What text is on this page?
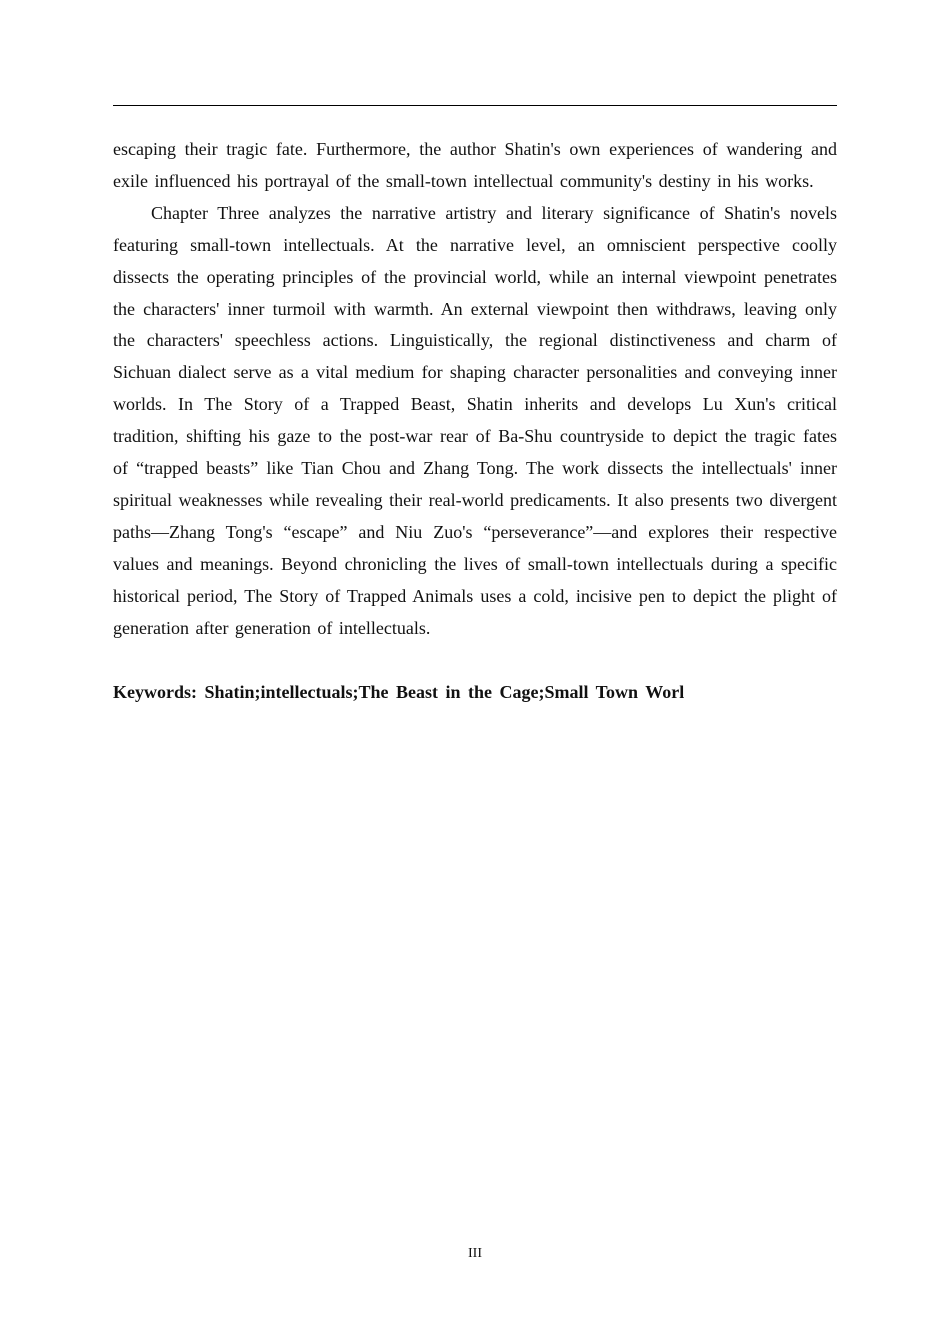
escaping their tragic fate. Furthermore, the author Shatin's own experiences of wandering and exile influenced his portrayal of the small-town intellectual community's destiny in his works.

Chapter Three analyzes the narrative artistry and literary significance of Shatin's novels featuring small-town intellectuals. At the narrative level, an omniscient perspective coolly dissects the operating principles of the provincial world, while an internal viewpoint penetrates the characters' inner turmoil with warmth. An external viewpoint then withdraws, leaving only the characters' speechless actions. Linguistically, the regional distinctiveness and charm of Sichuan dialect serve as a vital medium for shaping character personalities and conveying inner worlds. In The Story of a Trapped Beast, Shatin inherits and develops Lu Xun's critical tradition, shifting his gaze to the post-war rear of Ba-Shu countryside to depict the tragic fates of “trapped beasts” like Tian Chou and Zhang Tong. The work dissects the intellectuals' inner spiritual weaknesses while revealing their real-world predicaments. It also presents two divergent paths—Zhang Tong's “escape” and Niu Zuo's “perseverance”—and explores their respective values and meanings. Beyond chronicling the lives of small-town intellectuals during a specific historical period, The Story of Trapped Animals uses a cold, incisive pen to depict the plight of generation after generation of intellectuals.

Keywords: Shatin;intellectuals;The Beast in the Cage;Small Town Worl

III
